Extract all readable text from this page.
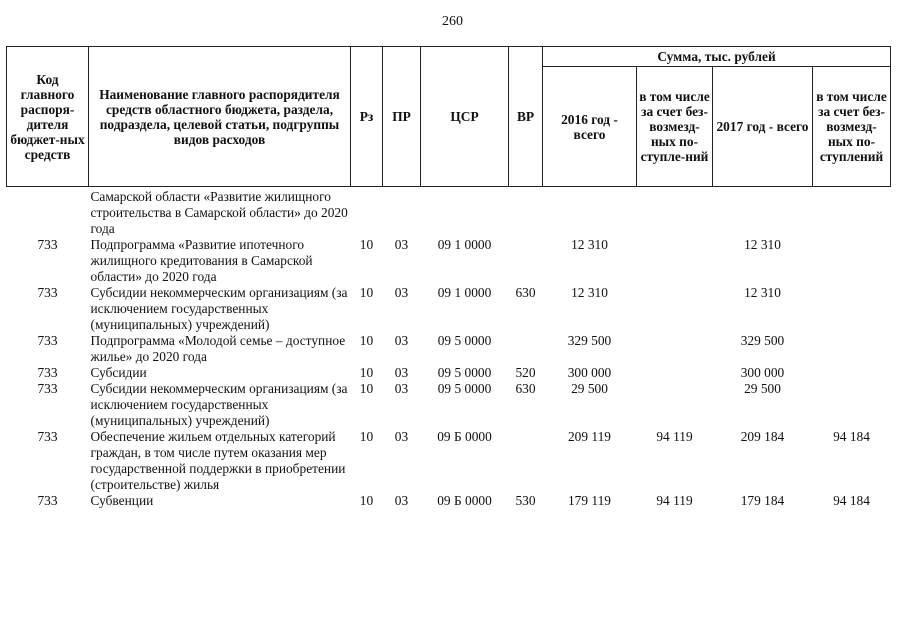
260
Код главного распоря-дителя бюджет-ных средств	Наименование главного распорядителя средств областного бюджета, раздела, подраздела, целевой статьи, подгруппы видов расходов	Рз	ПР	ЦСР	ВР	Сумма, тыс. рублей			
						2016 год - всего	в том числе за счет без-возмезд-ных по-ступле-ний	2017 год - всего	в том числе за счет без-возмезд-ных по-ступлений
	Самарской области «Развитие жилищного строительства в Самарской области» до 2020 года								
733	Подпрограмма «Развитие ипотечного жилищного кредитования в Самарской области» до 2020 года	10	03	09 1 0000		12 310		12 310	
733	Субсидии некоммерческим организациям (за исключением государственных (муниципальных) учреждений)	10	03	09 1 0000	630	12 310		12 310	
733	Подпрограмма «Молодой семье – доступное жилье» до 2020 года	10	03	09 5 0000		329 500		329 500	
733	Субсидии	10	03	09 5 0000	520	300 000		300 000	
733	Субсидии некоммерческим организациям (за исключением государственных (муниципальных) учреждений)	10	03	09 5 0000	630	29 500		29 500	
733	Обеспечение жильем отдельных категорий граждан, в том числе путем оказания мер государственной поддержки в приобретении (строительстве) жилья	10	03	09 Б 0000		209 119	94 119	209 184	94 184
733	Субвенции	10	03	09 Б 0000	530	179 119	94 119	179 184	94 184
